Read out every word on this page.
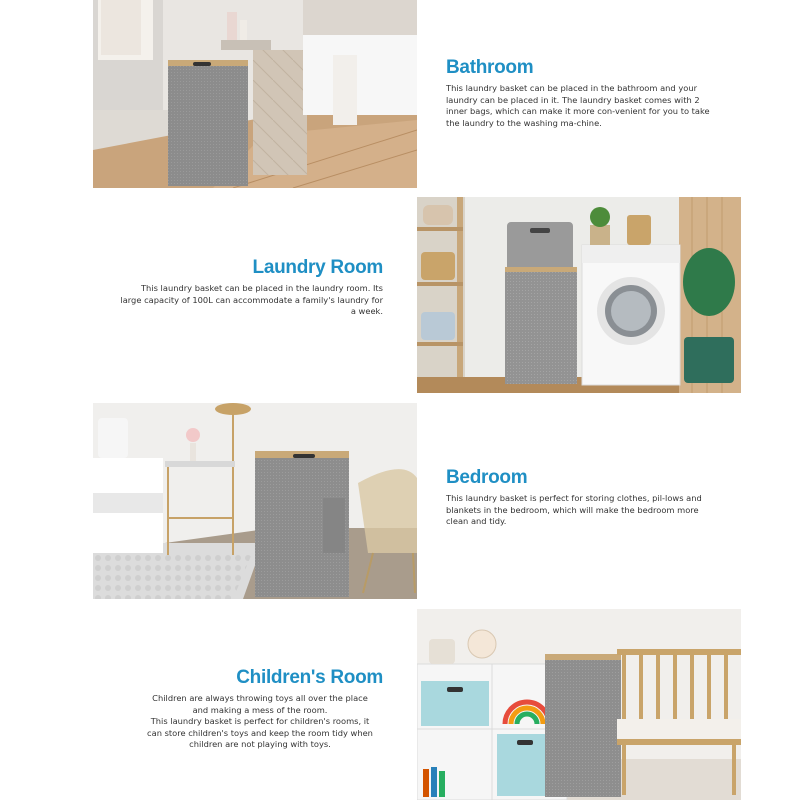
Bathroom
This laundry basket can be placed in the bathroom and your laundry can be placed in it. The laundry basket comes with 2 inner bags, which can make it more con-venient for you to take the laundry to the washing ma-chine.
Laundry Room
This laundry basket can be placed in the laundry room. Its large capacity of 100L can accommodate a family's laundry for a week.
Bedroom
This laundry basket is perfect for storing clothes, pil-lows and blankets in the bedroom, which will make the bedroom more clean and tidy.
Children's Room
Children are always throwing toys all over the place
and making a mess of the room.
This laundry basket is perfect for children's rooms, it
can store children's toys and keep the room tidy when
children are not playing with toys.
